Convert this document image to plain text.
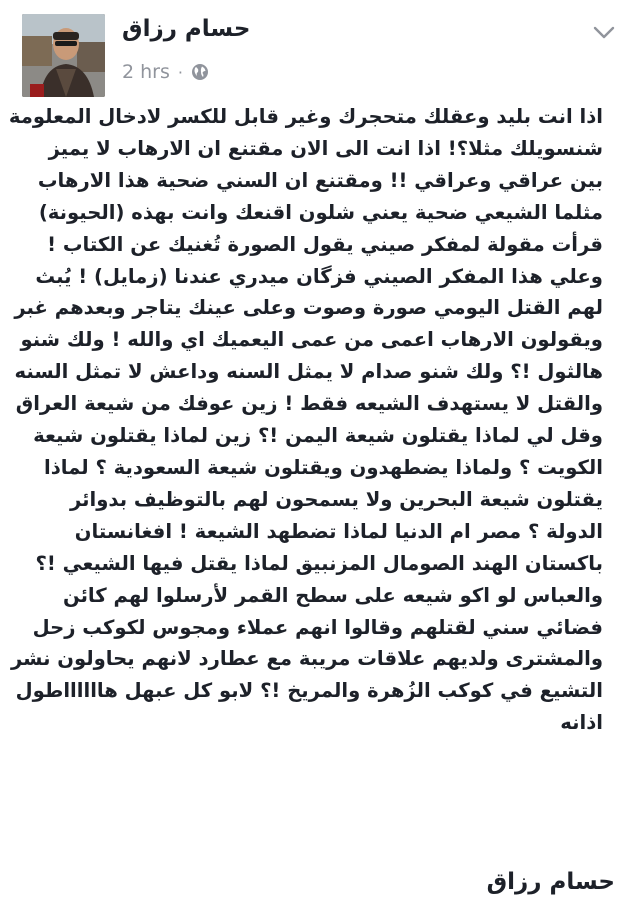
حسام رزاق
2 hrs ·
اذا انت بليد وعقلك متحجرك وغير قابل للكسر لادخال المعلومة
شنسويلك مثلا؟! اذا انت الى الان مقتنع ان الارهاب لا يميز
بين عراقي وعراقي !! ومقتنع ان السني ضحية هذا الارهاب
مثلما الشيعي ضحية يعني شلون اقنعك وانت بهذه (الحيونة)
قرأت مقولة لمفكر صيني يقول الصورة تُغنيك عن الكتاب !
وعلي هذا المفكر الصيني فزگان ميدري عندنا (زمايل) ! يُبث
لهم القتل اليومي صورة وصوت وعلى عينك يتاجر وبعدهم غبر
ويقولون الارهاب اعمى من عمى اليعميك اي والله ! ولك شنو
هالثول !؟ ولك شنو صدام لا يمثل السنه وداعش لا تمثل السنه
والقتل لا يستهدف الشيعه فقط ! زين عوفك من شيعة العراق
وقل لي لماذا يقتلون شيعة اليمن !؟ زين لماذا يقتلون شيعة
الكويت ؟ ولماذا يضطهدون ويقتلون شيعة السعودية ؟ لماذا
يقتلون شيعة البحرين ولا يسمحون لهم بالتوظيف بدوائر
الدولة ؟ مصر ام الدنيا لماذا تضطهد الشيعة ! افغانستان
باكستان الهند الصومال المزنبيق لماذا يقتل فيها الشيعي !؟
والعباس لو اكو شيعه على سطح القمر لأرسلوا لهم كائن
فضائي سني لقتلهم وقالوا انهم عملاء ومجوس لكوكب زحل
والمشترى ولديهم علاقات مريبة مع عطارد لانهم يحاولون نشر
التشيع في كوكب الزُهرة والمريخ !؟ لابو كل عبهل هااااااطول
اذانه
حسام رزاق
